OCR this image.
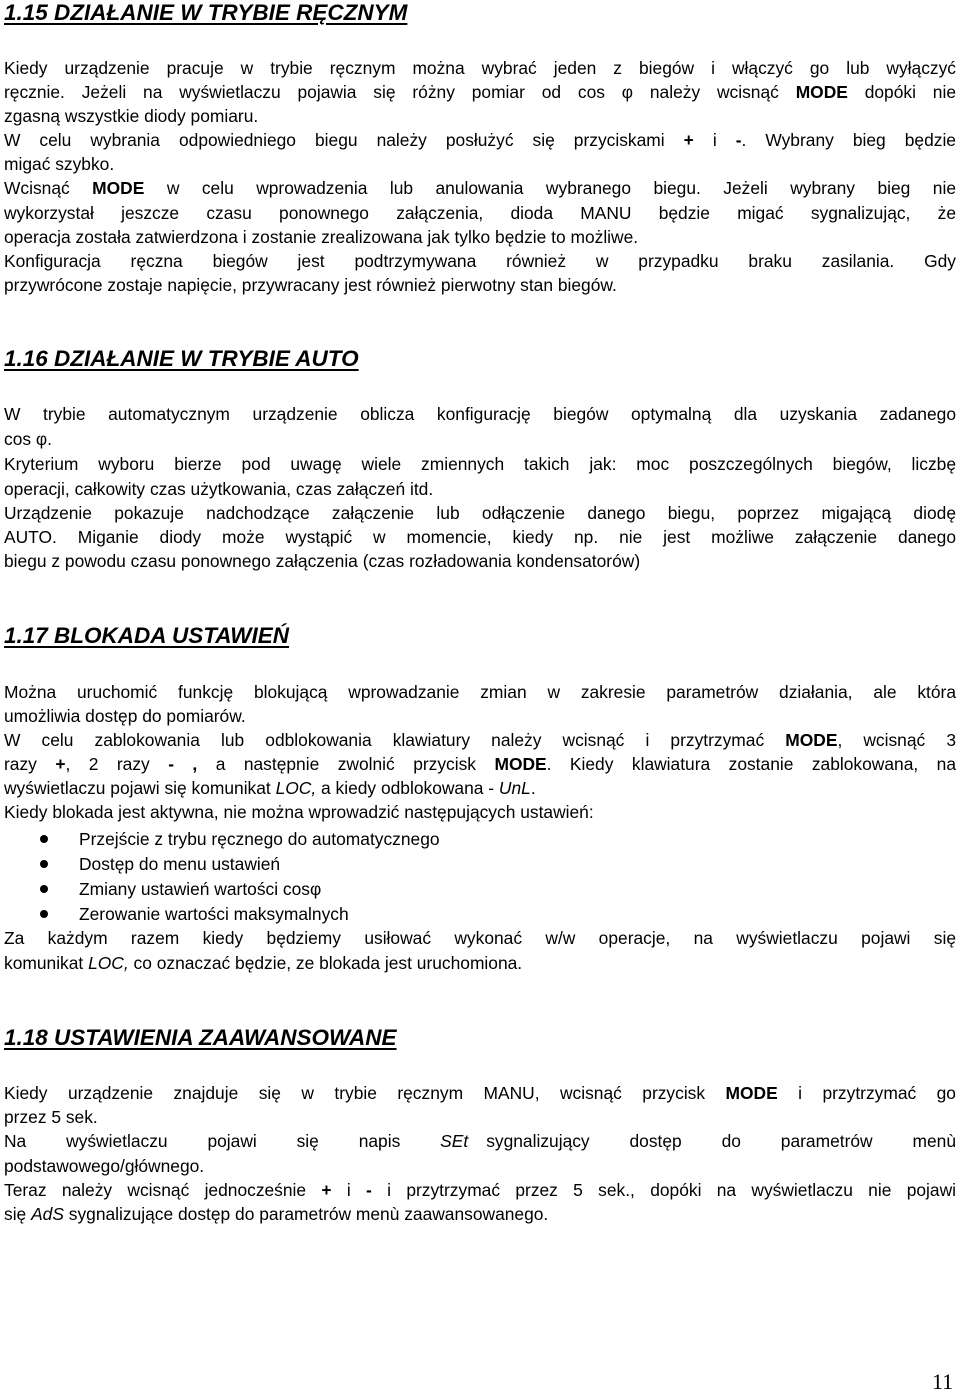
1.15 DZIAŁANIE W TRYBIE RĘCZNYM

Kiedy urządzenie pracuje w trybie ręcznym można wybrać jeden z biegów i włączyć go lub wyłączyć

ręcznie. Jeżeli na wyświetlaczu pojawia się różny pomiar od cos φ należy wcisnąć MODE dopóki nie

zgasną wszystkie diody pomiaru.

W celu wybrania odpowiedniego biegu należy posłużyć się przyciskami + i -. Wybrany bieg będzie

migać szybko.

Wcisnąć MODE w celu wprowadzenia lub anulowania wybranego biegu. Jeżeli wybrany bieg nie

wykorzystał jeszcze czasu ponownego załączenia, dioda MANU będzie migać sygnalizując, że

operacja została zatwierdzona i zostanie zrealizowana jak tylko będzie to możliwe.

Konfiguracja ręczna biegów jest podtrzymywana również w przypadku braku zasilania. Gdy

przywrócone zostaje napięcie, przywracany jest również pierwotny stan biegów.

1.16 DZIAŁANIE W TRYBIE AUTO

W trybie automatycznym urządzenie oblicza konfigurację biegów optymalną dla uzyskania zadanego

cos φ.

Kryterium wyboru bierze pod uwagę wiele zmiennych takich jak: moc poszczególnych biegów, liczbę

operacji, całkowity czas użytkowania, czas załączeń itd.

Urządzenie pokazuje nadchodzące załączenie lub odłączenie danego biegu, poprzez migającą diodę

AUTO. Miganie diody może wystąpić w momencie, kiedy np. nie jest możliwe załączenie danego

biegu z powodu czasu ponownego załączenia (czas rozładowania kondensatorów)

1.17 BLOKADA USTAWIEŃ

Można uruchomić funkcję blokującą wprowadzanie zmian w zakresie parametrów działania, ale która

umożliwia dostęp do pomiarów.

W celu zablokowania lub odblokowania klawiatury należy wcisnąć i przytrzymać MODE, wcisnąć 3

razy +, 2 razy - , a następnie zwolnić przycisk MODE. Kiedy klawiatura zostanie zablokowana, na

wyświetlaczu pojawi się komunikat LOC, a kiedy odblokowana - UnL.

Kiedy blokada jest aktywna, nie można wprowadzić następujących ustawień:

Przejście z trybu ręcznego do automatycznego

Dostęp do menu ustawień

Zmiany ustawień wartości cosφ

Zerowanie wartości maksymalnych

Za każdym razem kiedy będziemy usiłować wykonać w/w operacje, na wyświetlaczu pojawi się

komunikat LOC, co oznaczać będzie, ze blokada jest uruchomiona.

1.18 USTAWIENIA ZAAWANSOWANE

Kiedy urządzenie znajduje się w trybie ręcznym MANU, wcisnąć przycisk MODE i przytrzymać go

przez 5 sek.

Na wyświetlaczu pojawi się napis SEt sygnalizujący dostęp do parametrów menù

podstawowego/głównego.

Teraz należy wcisnąć jednocześnie + i - i przytrzymać przez 5 sek., dopóki na wyświetlaczu nie pojawi

się AdS sygnalizujące dostęp do parametrów menù zaawansowanego.

11
